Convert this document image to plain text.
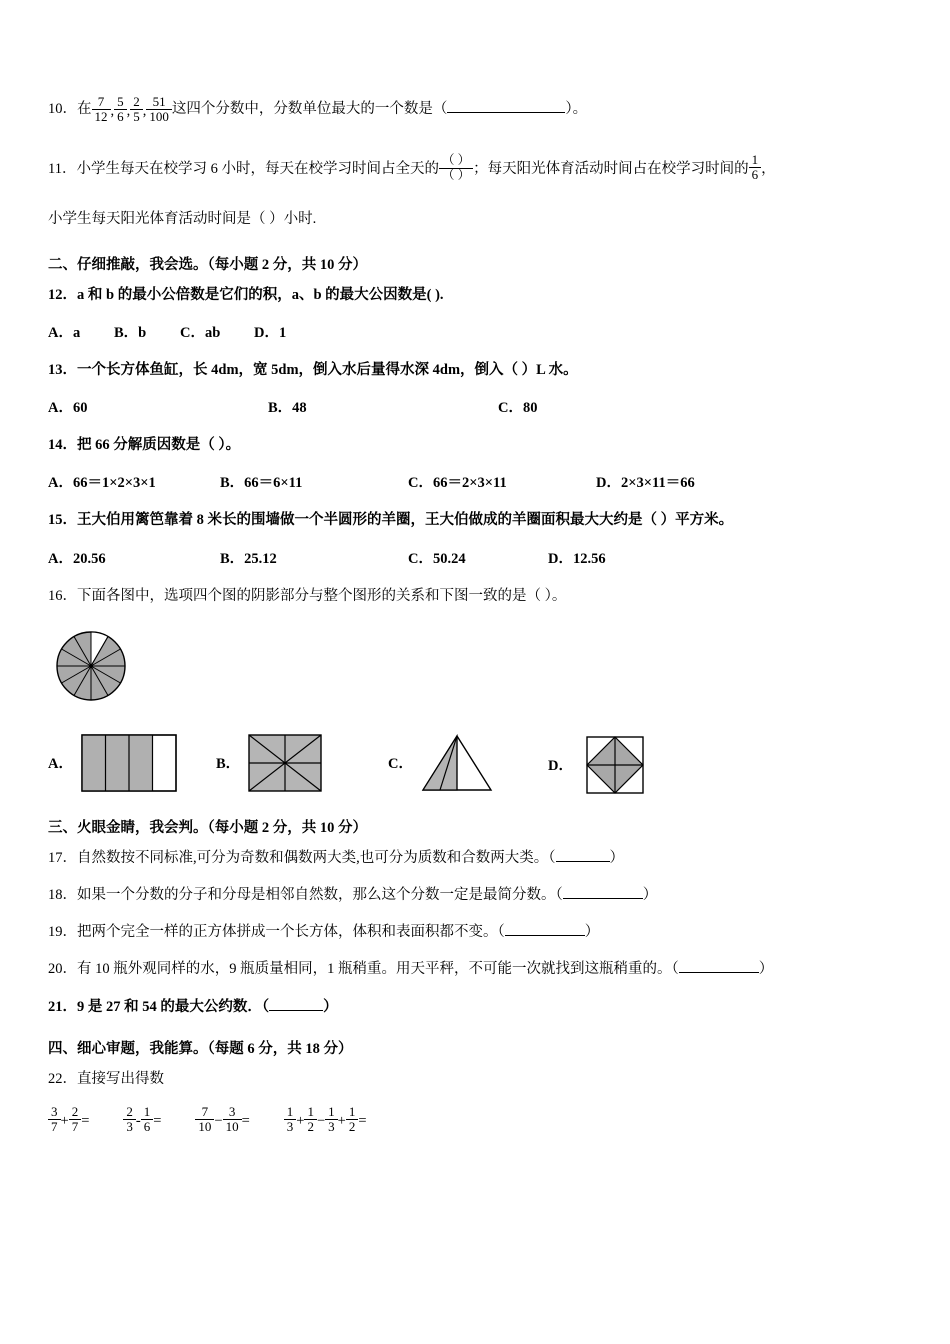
10．在 $\frac{7}{12}$ , $\frac{5}{6}$ , $\frac{2}{5}$ , $\frac{51}{100}$ 这四个分数中，分数单位最大的一个数是（	）。
11．小学生每天在校学习 6 小时，每天在校学习时间占全天的 $\frac{( )}{( )}$ ；每天阳光体育活动时间占在校学习时间的 $\frac{1}{6}$ ，
小学生每天阳光体育活动时间是（ ）小时.
二、仔细推敲，我会选。（每小题 2 分，共 10 分）
12．a 和 b 的最小公倍数是它们的积，a、b 的最大公因数是( ).
A．a B．b C．ab D．1
13．一个长方体鱼缸，长 4dm，宽 5dm，倒入水后量得水深 4dm，倒入（ ）L 水。
A．60	B．48	C．80
14．把 66 分解质因数是（ ）。
A．66＝1×2×3×1	B．66＝6×11	C．66＝2×3×11	D．2×3×11＝66
15．王大伯用篱笆靠着 8 米长的围墙做一个半圆形的羊圈，王大伯做成的羊圈面积最大大约是（ ）平方米。
A．20.56	B．25.12	C．50.24	D．12.56
16．下面各图中，选项四个图的阴影部分与整个图形的关系和下图一致的是（ ）。
A．	B．	C．	D．
三、火眼金睛，我会判。（每小题 2 分，共 10 分）
17．自然数按不同标准,可分为奇数和偶数两大类,也可分为质数和合数两大类。（	）
18．如果一个分数的分子和分母是相邻自然数，那么这个分数一定是最简分数。（	）
19．把两个完全一样的正方体拼成一个长方体，体积和表面积都不变。（	）
20．有 10 瓶外观同样的水，9 瓶质量相同，1 瓶稍重。用天平秤，不可能一次就找到这瓶稍重的。（	）
21．9 是 27 和 54 的最大公约数．（	）
四、细心审题，我能算。（每题 6 分，共 18 分）
22．直接写出得数
$\frac{3}{7} + \frac{2}{7}$ =	$\frac{2}{3} - \frac{1}{6}$ =	$\frac{7}{10} - \frac{3}{10}$ =	$\frac{1}{3} + \frac{1}{2} - \frac{1}{3} + \frac{1}{2}$ =
